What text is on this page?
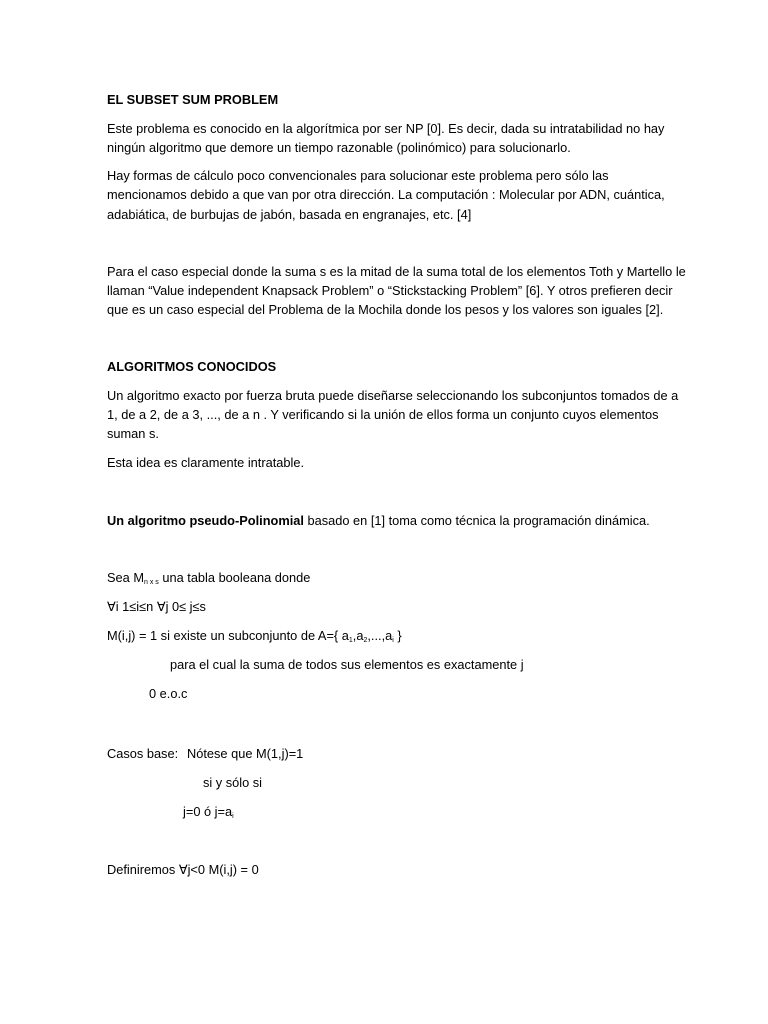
EL SUBSET SUM PROBLEM
Este problema es conocido en la algorítmica por ser NP [0]. Es decir, dada su intratabilidad no hay
ningún algoritmo que demore un tiempo razonable (polinómico) para solucionarlo.
Hay formas de cálculo poco convencionales para solucionar este problema pero sólo las
mencionamos debido a que van por otra dirección. La computación : Molecular por ADN, cuántica,
adabiática, de burbujas de jabón, basada en engranajes, etc. [4]
Para el caso especial donde la suma s es la mitad de la suma total de los elementos Toth y Martello le
llaman “Value independent Knapsack Problem” o “Stickstacking Problem” [6]. Y otros prefieren decir
que es un caso especial del Problema de la Mochila donde los pesos y los valores son iguales [2].
ALGORITMOS CONOCIDOS
Un algoritmo exacto por fuerza bruta puede diseñarse seleccionando los subconjuntos tomados de a
1, de a 2, de a 3, ..., de a n . Y verificando si la unión de ellos forma un conjunto cuyos elementos
suman s.
Esta idea es claramente intratable.
Un algoritmo pseudo-Polinomial basado en [1] toma como técnica la programación dinámica.
Sea $M_{n x s}$ una tabla booleana donde
∀i 1≤i≤n ∀j 0≤ j≤s
M(i,j) = 1 si existe un subconjunto de A={ $a_1,a_2,...,a_i$ }
para el cual la suma de todos sus elementos es exactamente j
0 e.o.c
Casos base: Nótese que M(1,j)=1
si y sólo si
j=0 ó $j=a_i$
Definiremos ∀j<0 M(i,j) = 0
